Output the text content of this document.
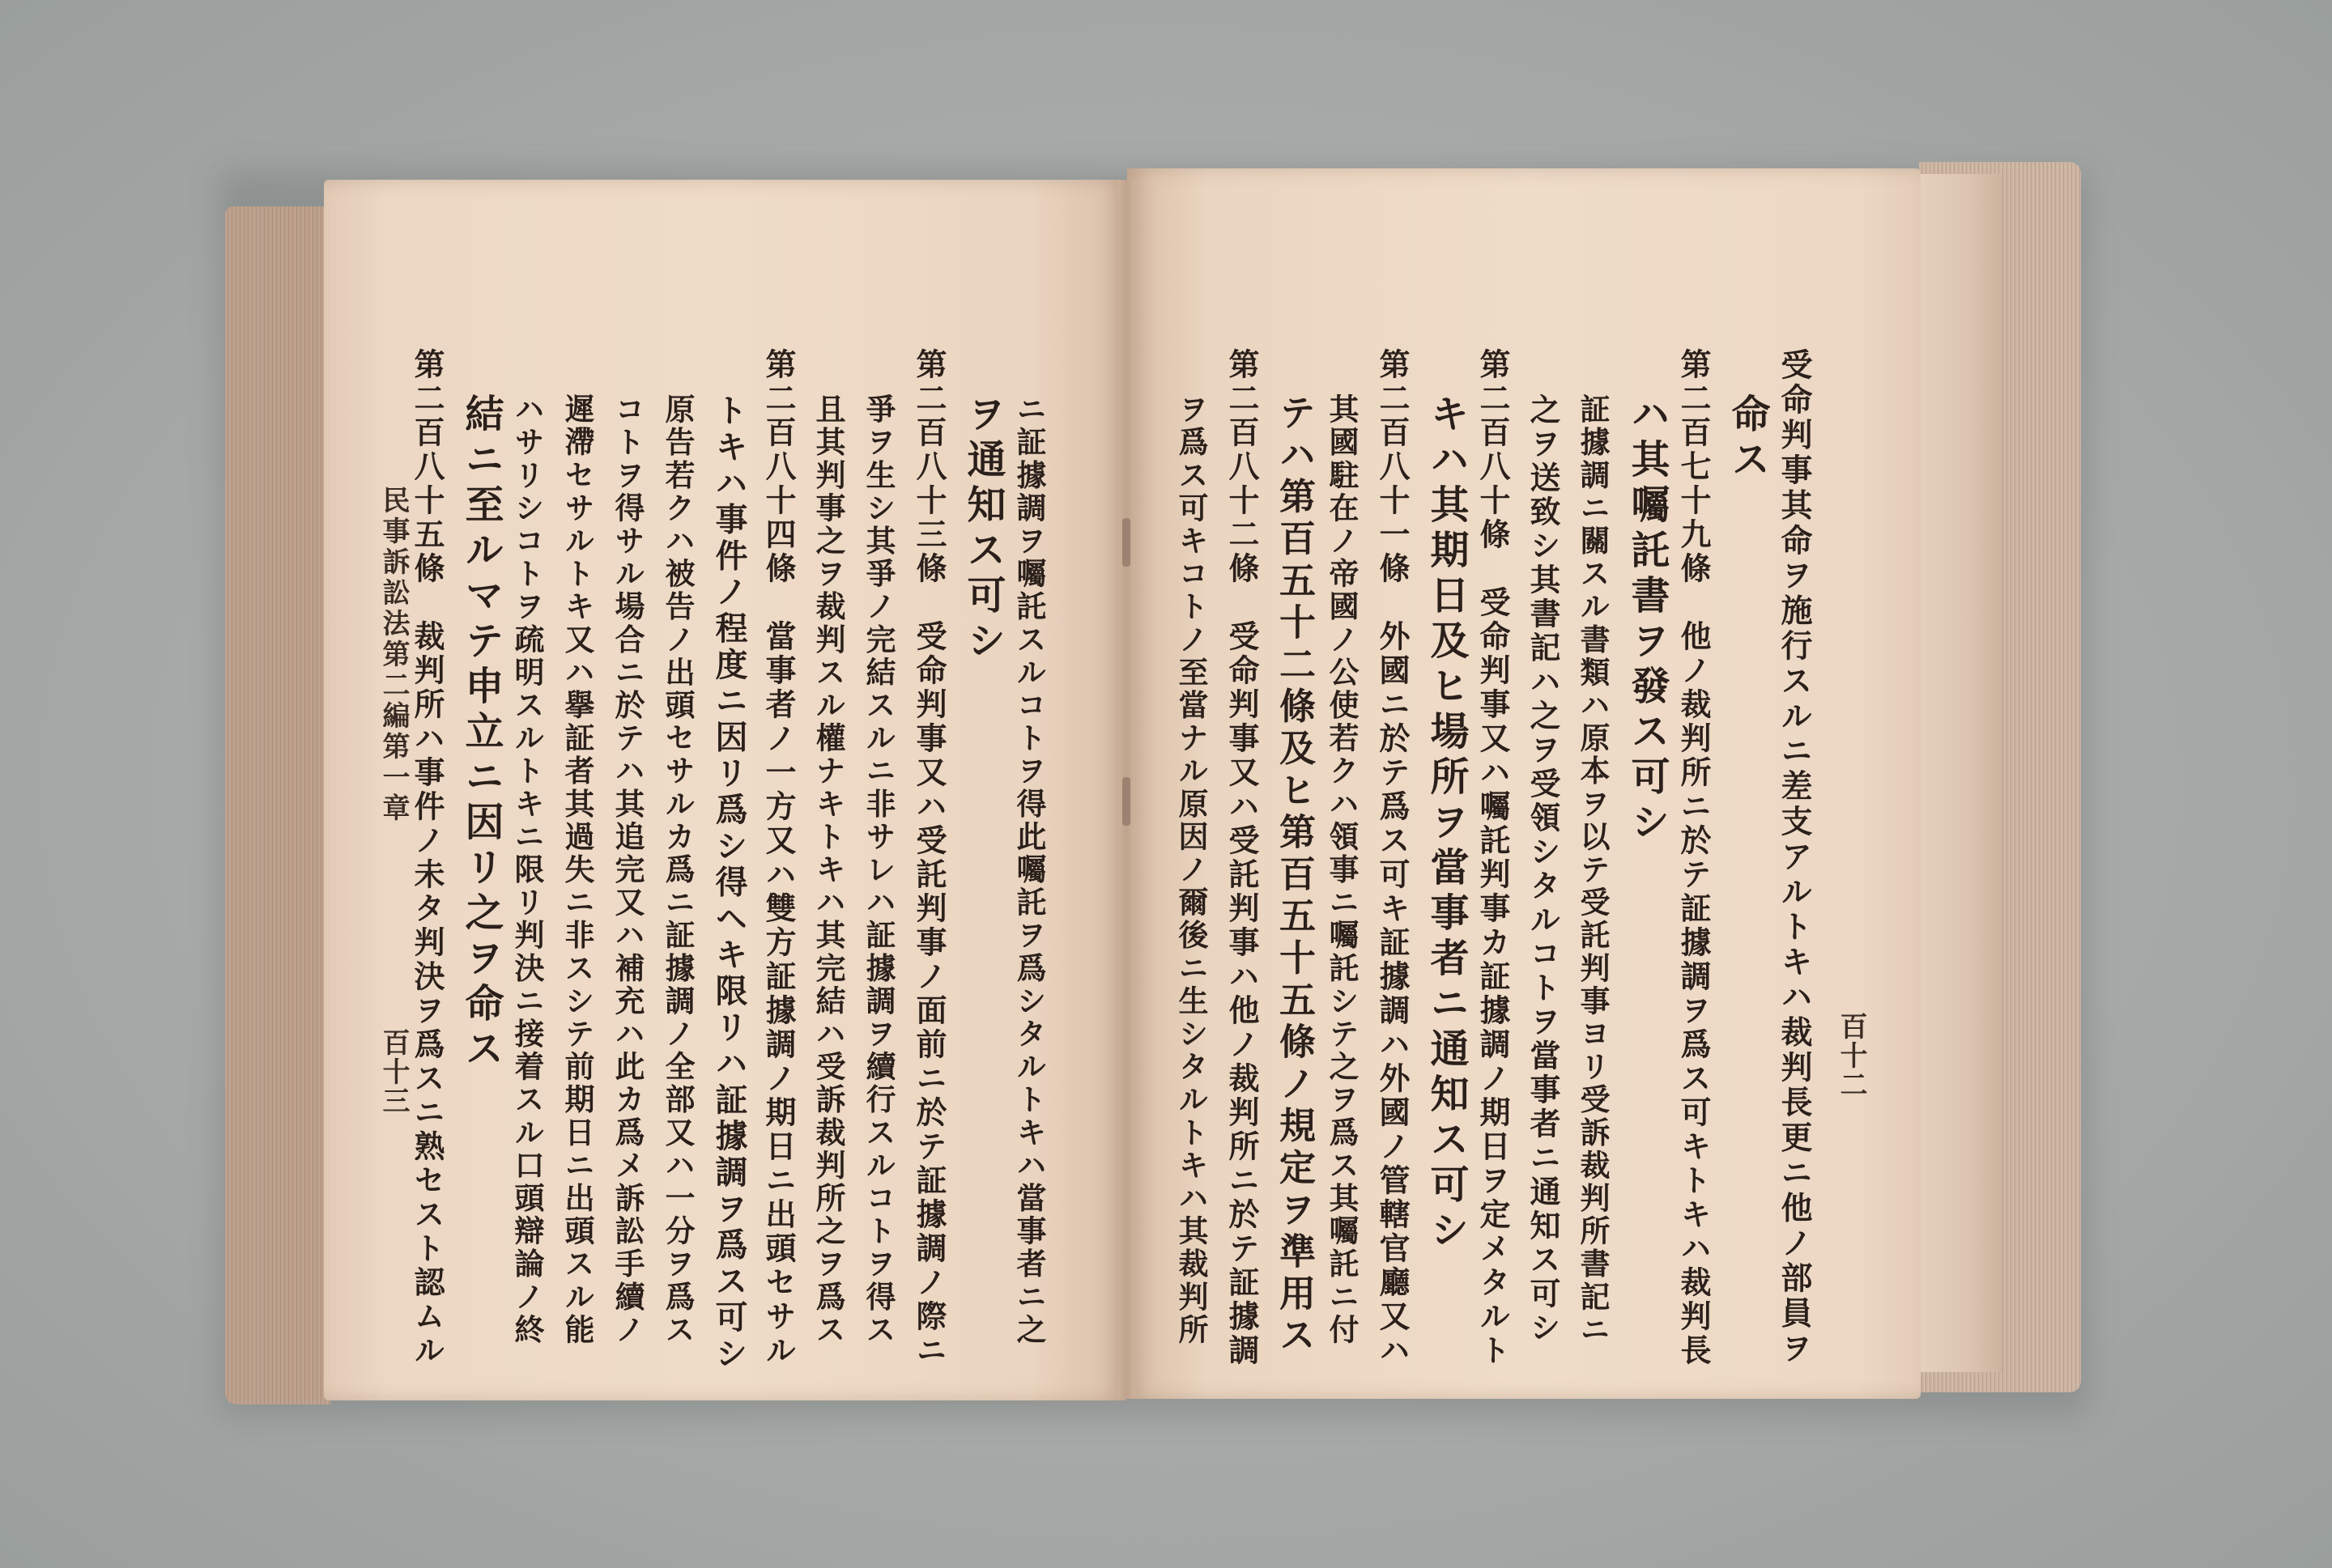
百十二
受命判事其命ヲ施行スルニ差支アルトキハ裁判長更ニ他ノ部員ヲ
命ス
第二百七十九條　他ノ裁判所ニ於テ証據調ヲ爲ス可キトキハ裁判長
ハ其囑託書ヲ發ス可シ
証據調ニ關スル書類ハ原本ヲ以テ受託判事ヨリ受訴裁判所書記ニ
之ヲ送致シ其書記ハ之ヲ受領シタルコトヲ當事者ニ通知ス可シ
第二百八十條　受命判事又ハ囑託判事カ証據調ノ期日ヲ定メタルト
キハ其期日及ヒ場所ヲ當事者ニ通知ス可シ
第二百八十一條　外國ニ於テ爲ス可キ証據調ハ外國ノ管轄官廳又ハ
其國駐在ノ帝國ノ公使若クハ領事ニ囑託シテ之ヲ爲ス其囑託ニ付
テハ第百五十二條及ヒ第百五十五條ノ規定ヲ準用ス
第二百八十二條　受命判事又ハ受託判事ハ他ノ裁判所ニ於テ証據調
ヲ爲ス可キコトノ至當ナル原因ノ爾後ニ生シタルトキハ其裁判所
ニ証據調ヲ囑託スルコトヲ得此囑託ヲ爲シタルトキハ當事者ニ之
ヲ通知ス可シ
第二百八十三條　受命判事又ハ受託判事ノ面前ニ於テ証據調ノ際ニ
爭ヲ生シ其爭ノ完結スルニ非サレハ証據調ヲ續行スルコトヲ得ス
且其判事之ヲ裁判スル權ナキトキハ其完結ハ受訴裁判所之ヲ爲ス
第二百八十四條　當事者ノ一方又ハ雙方証據調ノ期日ニ出頭セサル
トキハ事件ノ程度ニ因リ爲シ得ヘキ限リハ証據調ヲ爲ス可シ
原告若クハ被告ノ出頭セサルカ爲ニ証據調ノ全部又ハ一分ヲ爲ス
コトヲ得サル場合ニ於テハ其追完又ハ補充ハ此カ爲メ訴訟手續ノ
遲滯セサルトキ又ハ擧証者其過失ニ非スシテ前期日ニ出頭スル能
ハサリシコトヲ疏明スルトキニ限リ判決ニ接着スル口頭辯論ノ終
結ニ至ルマテ申立ニ因リ之ヲ命ス
第二百八十五條　裁判所ハ事件ノ未タ判決ヲ爲スニ熟セスト認ムル
民事訴訟法第二編第一章
百十三
